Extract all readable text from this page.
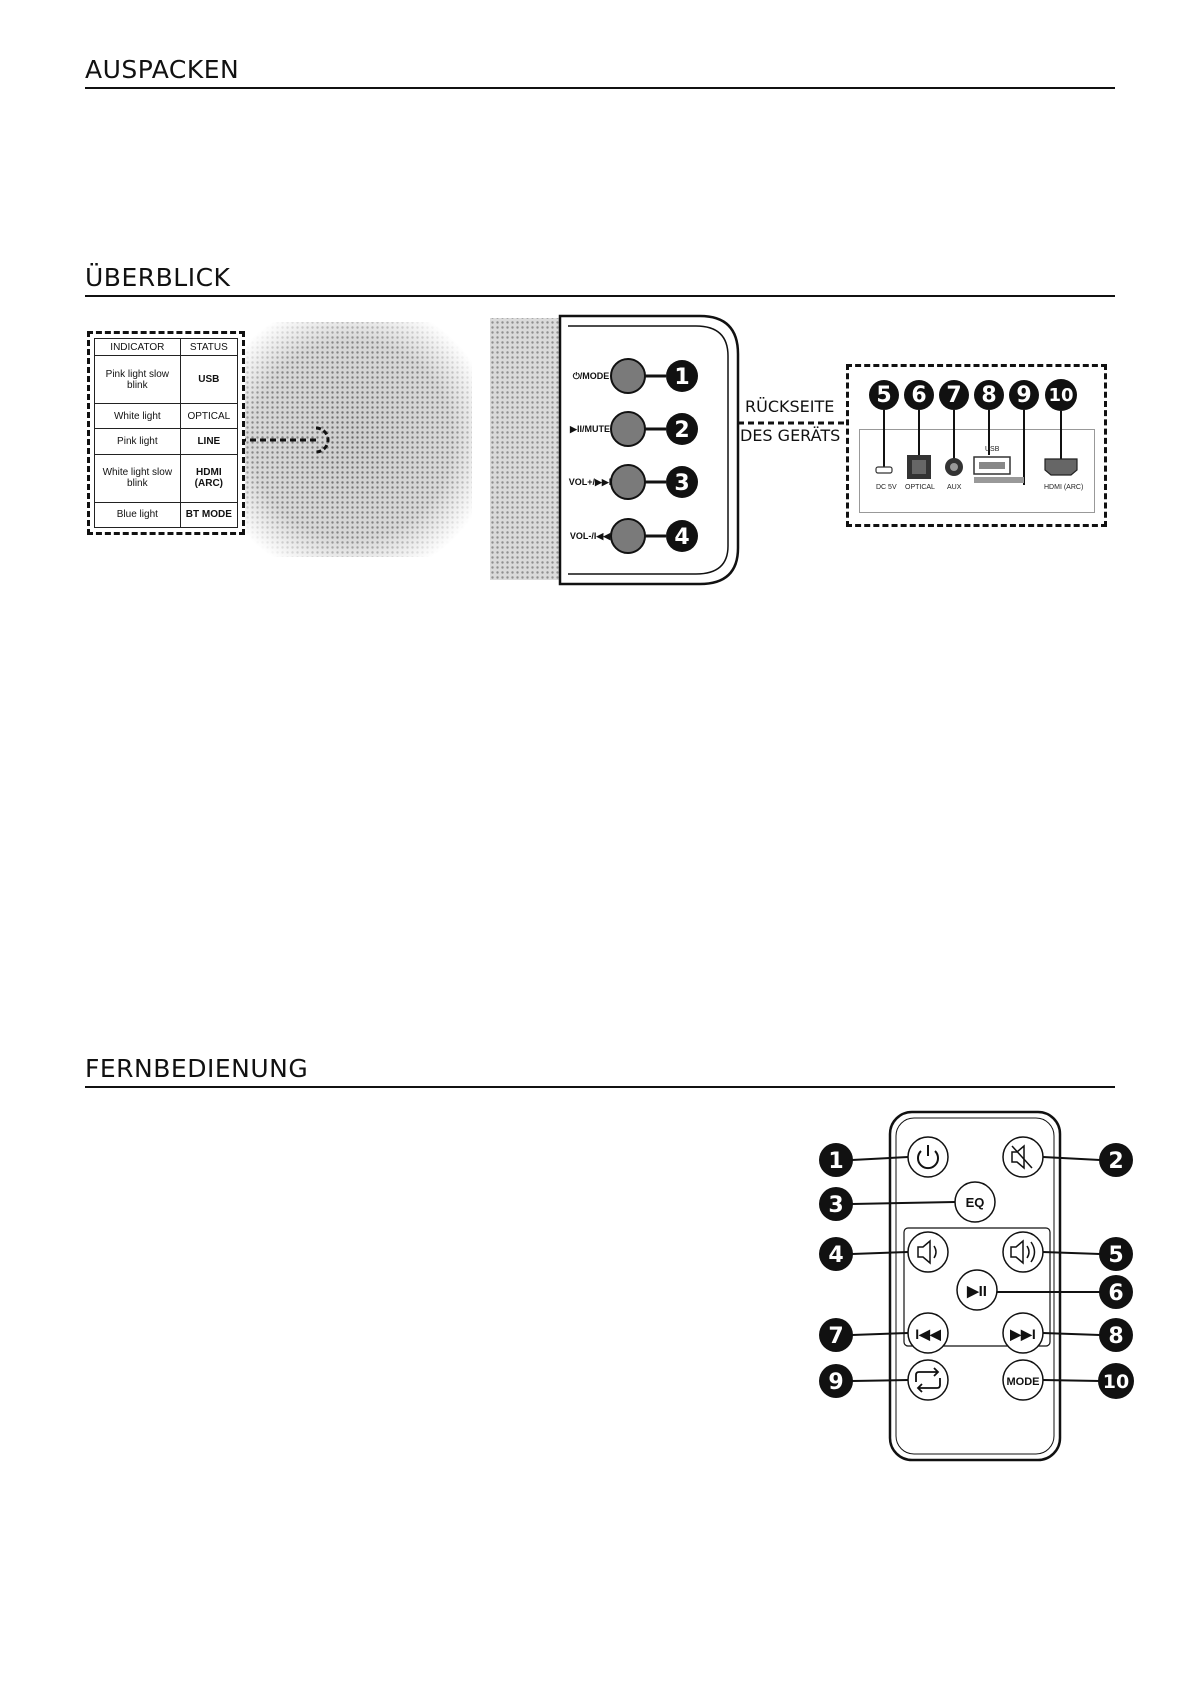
AUSPACKEN
ÜBERBLICK
FERNBEDIENUNG
⏻/MODE
▶II/MUTE
VOL+/▶▶I
VOL-/I◀◀
1
2
3
4
INDICATOR	STATUS
Pink light slow blink	USB
White light	OPTICAL
Pink light	LINE
White light slow blink	HDMI (ARC)
Blue light	BT MODE
RÜCKSEITE
DES GERÄTS
DC 5V OPTICAL AUX
USB
HDMI (ARC)
5 6 7 8 9 10
EQ
▶II
I◀◀	▶▶I
MODE
1	2
3
4	5
6
7	8
9	10
